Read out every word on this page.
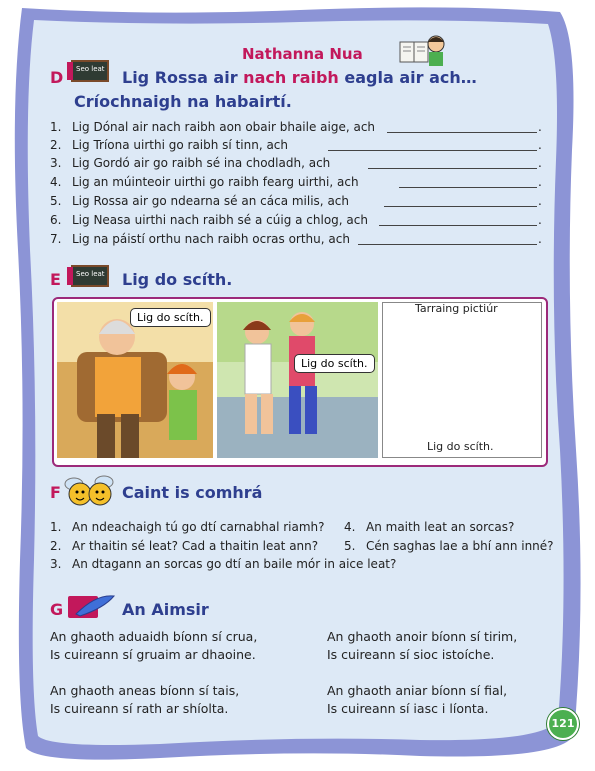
Nathanna Nua
D Seo leat Lig Rossa air nach raibh eagla air ach…
Críochnaigh na habairtí.
1. Lig Dónal air nach raibh aon obair bhaile aige, ach
2. Lig Tríona uirthi go raibh sí tinn, ach
3. Lig Gordó air go raibh sé ina chodladh, ach
4. Lig an múinteoir uirthi go raibh fearg uirthi, ach
5. Lig Rossa air go ndearna sé an cáca milis, ach
6. Lig Neasa uirthi nach raibh sé a cúig a chlog, ach
7. Lig na páistí orthu nach raibh ocras orthu, ach
.
.
.
.
.
.
.
E Seo leat Lig do scíth.
Lig do scíth.
Lig do scíth.
Tarraing pictiúr
Lig do scíth.
F	Caint is comhrá
1. An ndeachaigh tú go dtí carnabhal riamh?
2. Ar thaitin sé leat? Cad a thaitin leat ann?
3. An dtagann an sorcas go dtí an baile mór in aice leat?
4. An maith leat an sorcas?
5. Cén saghas lae a bhí ann inné?
G	An Aimsir
An ghaoth aduaidh bíonn sí crua,
Is cuireann sí gruaim ar dhaoine.
An ghaoth anoir bíonn sí tirim,
Is cuireann sí sioc istoíche.
An ghaoth aneas bíonn sí tais,
Is cuireann sí rath ar shíolta.
An ghaoth aniar bíonn sí fial,
Is cuireann sí iasc i líonta.
121
